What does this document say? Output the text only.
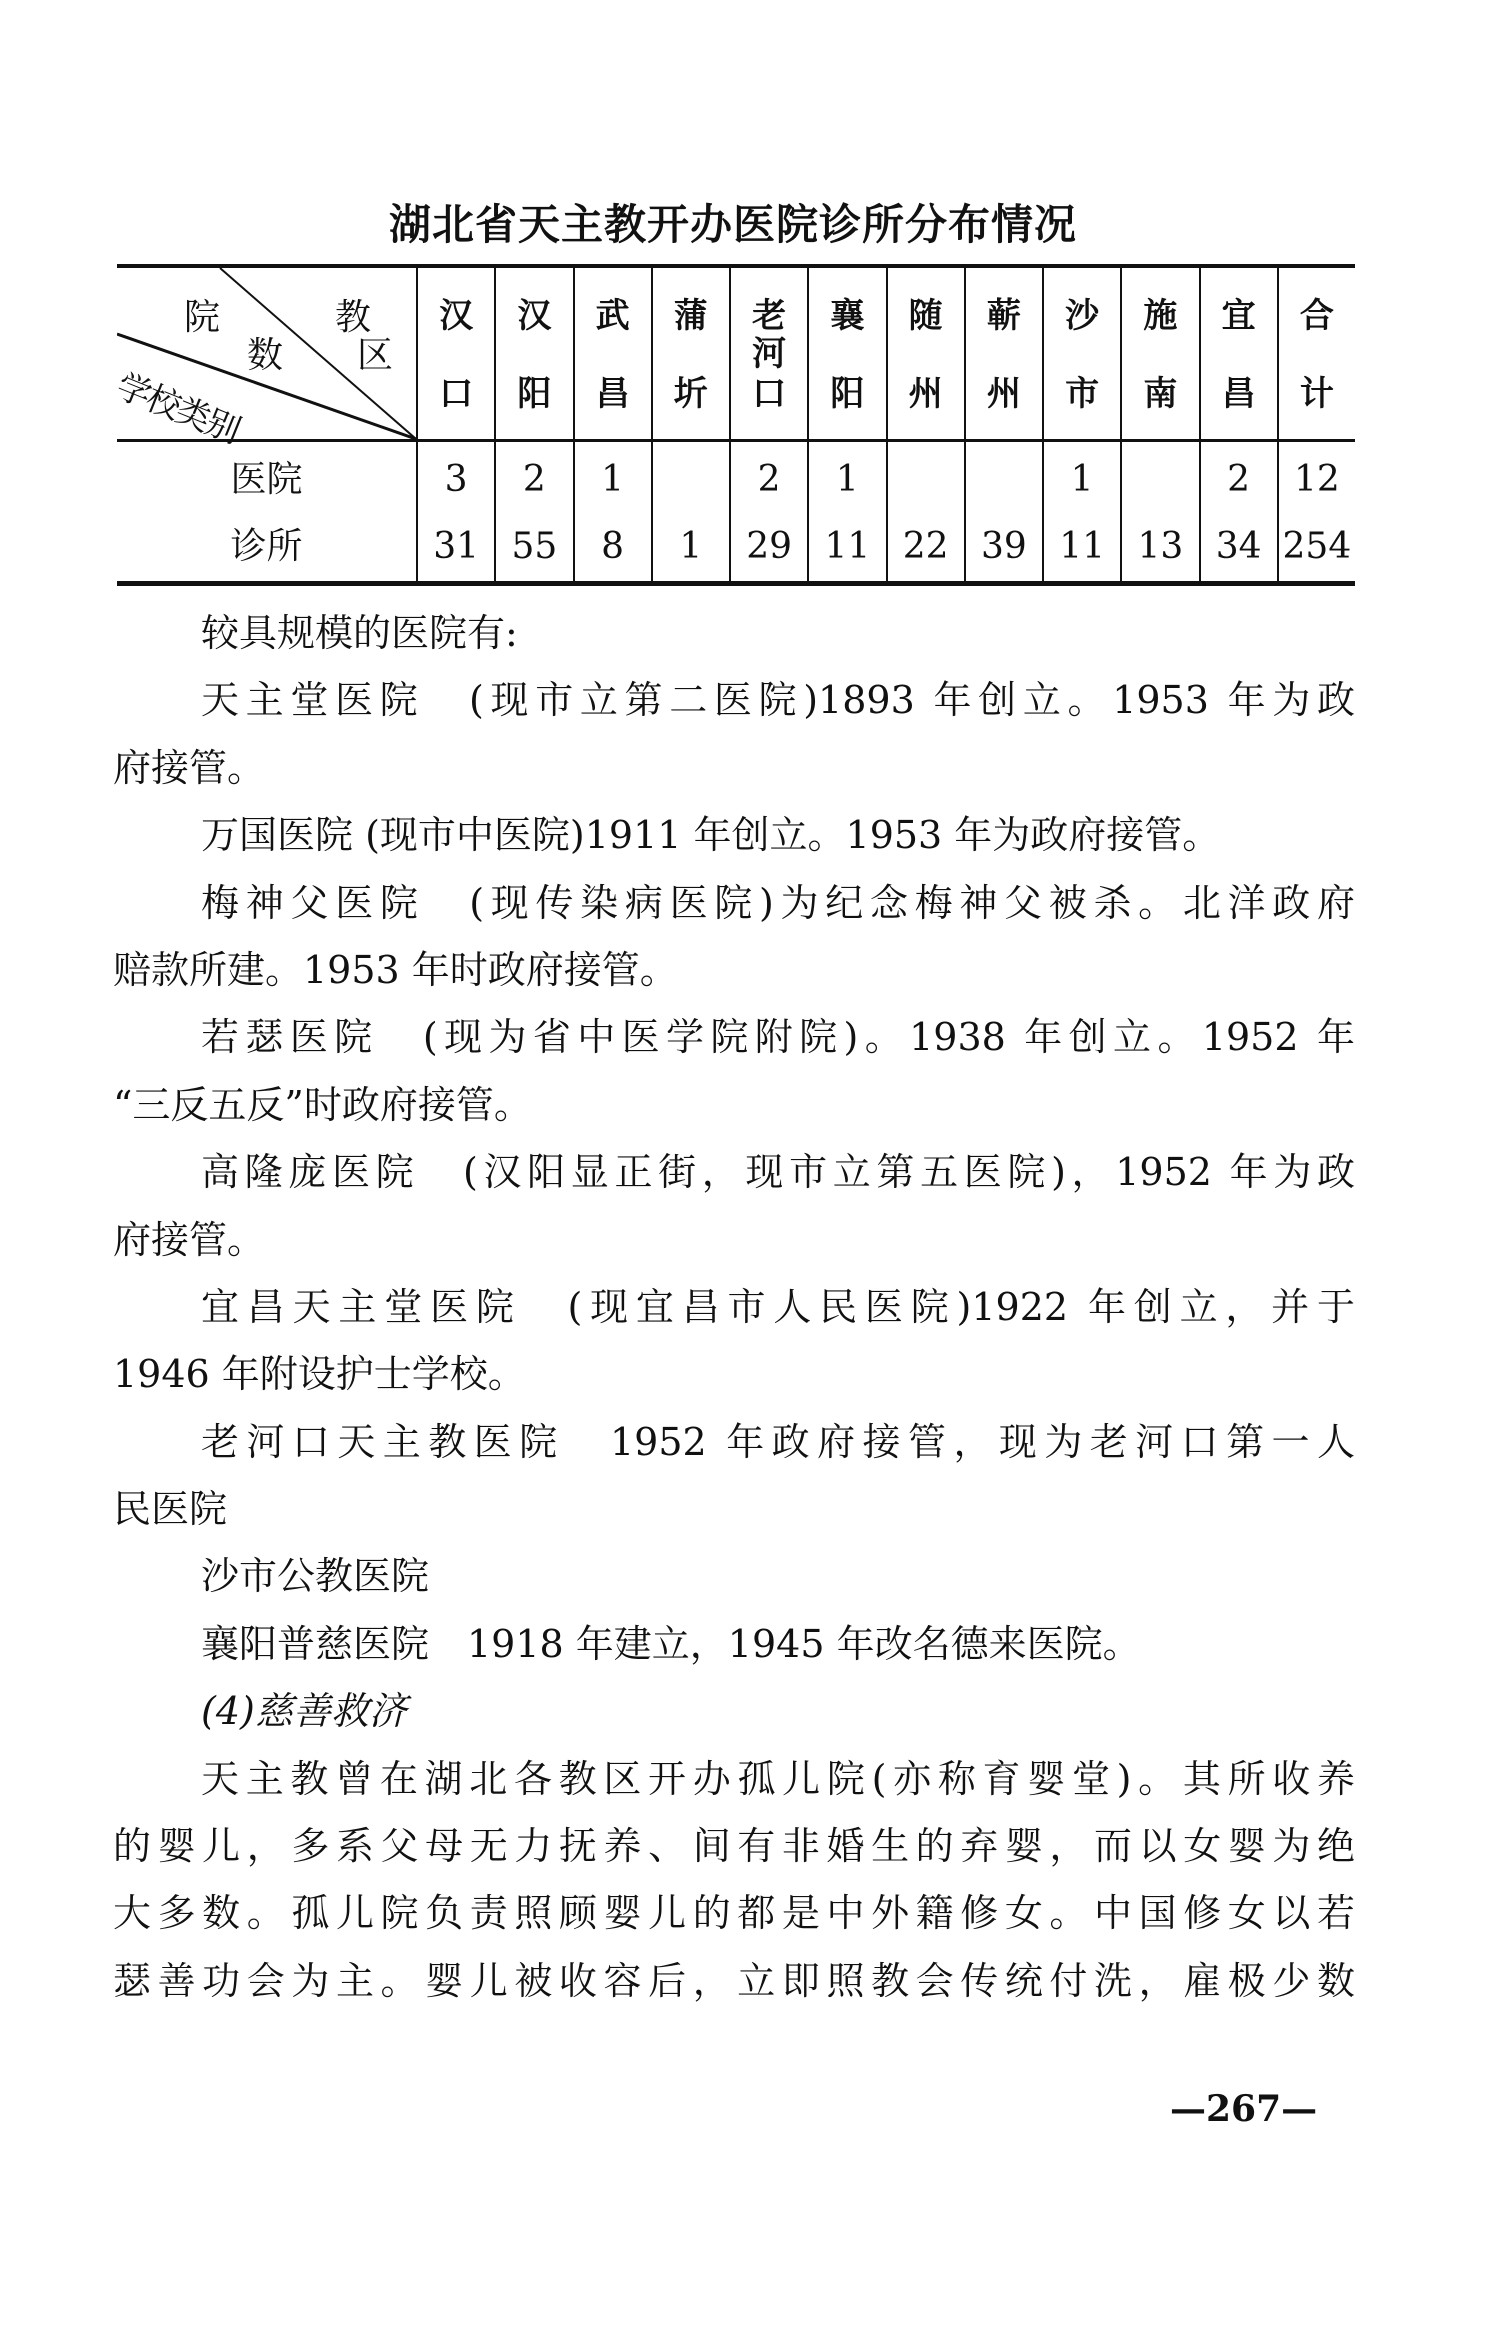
湖北省天主教开办医院诊所分布情况
院
数
教
区
学校类别
汉
口
3
31
汉
阳
2
55
武
昌
1
8
蒲
圻
1
老
河
口
2
29
襄
阳
1
11
随
州
22
蕲
州
39
沙
市
1
11
施
南
13
宜
昌
2
34
合
计
12
254
医院
诊所
较具规模的医院有:
天主堂医院　(现市立第二医院)1893 年创立。1953 年为政
府接管。
万国医院 (现市中医院)1911 年创立。1953 年为政府接管。
梅神父医院　(现传染病医院)为纪念梅神父被杀。北洋政府
赔款所建。1953 年时政府接管。
若瑟医院　(现为省中医学院附院)。1938 年创立。1952 年
“三反五反”时政府接管。
高隆庞医院　(汉阳显正街，现市立第五医院)，1952 年为政
府接管。
宜昌天主堂医院　(现宜昌市人民医院)1922 年创立，并于
1946 年附设护士学校。
老河口天主教医院　1952 年政府接管，现为老河口第一人
民医院
沙市公教医院
襄阳普慈医院　1918 年建立，1945 年改名德来医院。
(4)慈善救济
天主教曾在湖北各教区开办孤儿院(亦称育婴堂)。其所收养
的婴儿，多系父母无力抚养、间有非婚生的弃婴，而以女婴为绝
大多数。孤儿院负责照顾婴儿的都是中外籍修女。中国修女以若
瑟善功会为主。婴儿被收容后，立即照教会传统付洗，雇极少数
—267—
